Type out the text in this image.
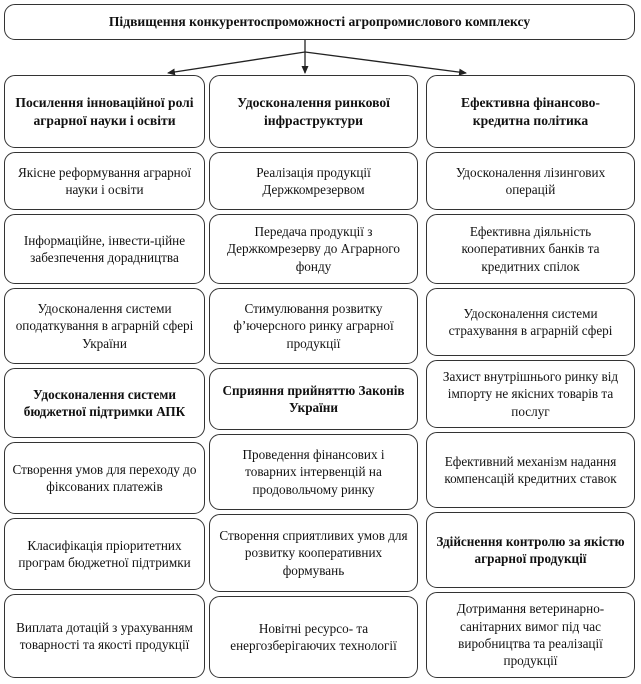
Підвищення конкурентоспроможності агропромислового комплексу
Посилення інноваційної ролі аграрної науки і освіти
Якісне реформування аграрної науки і освіти
Інформаційне, інвести-ційне забезпечення дорадництва
Удосконалення системи оподаткування в аграрній сфері України
Удосконалення системи бюджетної підтримки АПК
Створення умов для переходу до фіксованих платежів
Класифікація пріоритетних програм бюджетної підтримки
Виплата дотацій з урахуванням товарності та якості продукції
Удосконалення ринкової інфраструктури
Реалізація продукції Держкомрезервом
Передача продукції з Держкомрезерву до Аграрного фонду
Стимулювання розвитку ф’ючерсного ринку аграрної продукції
Сприяння прийняттю Законів України
Проведення фінансових і товарних інтервенцій на продовольчому ринку
Створення сприятливих умов для розвитку кооперативних формувань
Новітні ресурсо- та енергозберігаючих технології
Ефективна фінансово-кредитна політика
Удосконалення лізингових операцій
Ефективна діяльність кооперативних банків та кредитних спілок
Удосконалення системи страхування в аграрній сфері
Захист внутрішнього ринку від імпорту не якісних товарів та послуг
Ефективний механізм надання компенсацій кредитних ставок
Здійснення контролю за якістю аграрної продукції
Дотримання ветеринарно-санітарних вимог під час виробництва та реалізації продукції
